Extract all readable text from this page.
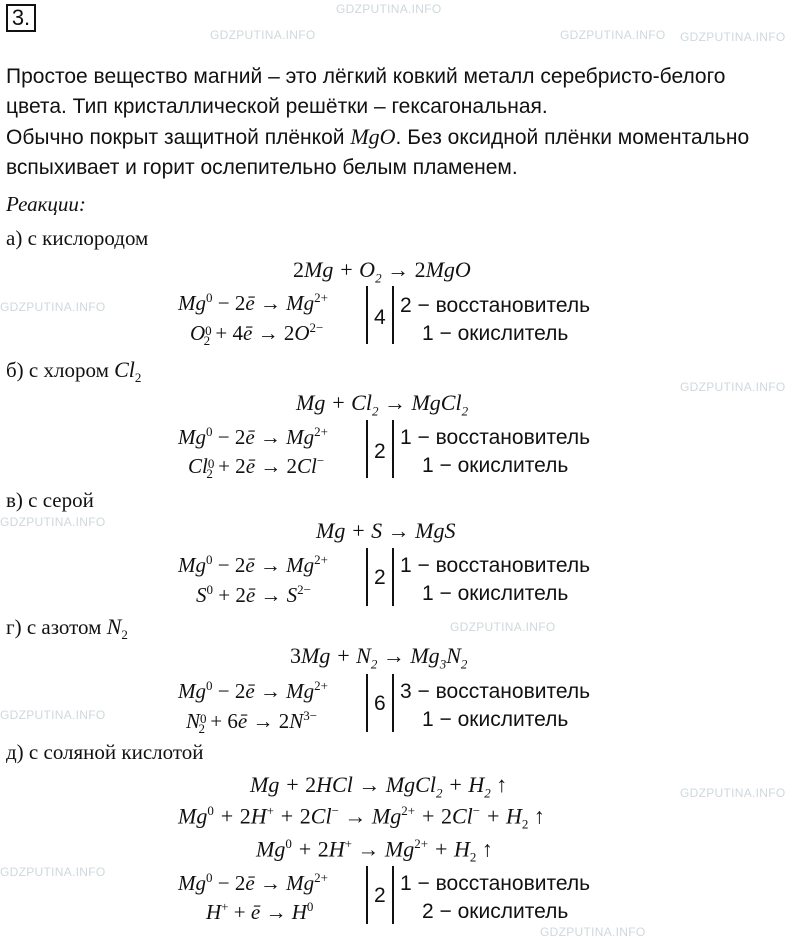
GDZPUTINA.INFO
GDZPUTINA.INFO	GDZPUTINA.INFO GDZPUTINA.INFO
GDZPUTINA.INFO
GDZPUTINA.INFO
GDZPUTINA.INFO
GDZPUTINA.INFO
GDZPUTINA.INFO
GDZPUTINA.INFO
GDZPUTINA.INFO
GDZPUTINA.INFO
3.
Простое вещество магний – это лёгкий ковкий металл серебристо-белого
цвета. Тип кристаллической решётки – гексагональная.
Обычно покрыт защитной плёнкой MgO. Без оксидной плёнки моментально
вспыхивает и горит ослепительно белым пламенем.
Реакции:
а) с кислородом
$2Mg + O_2 \to 2MgO$
$Mg^0$ − 2ē → $Mg^{2+}$
$O_{02}$ + 4ē → $2O^{2-}$ 4
2 − восстановитель
1 − окислитель
б) с хлором $Cl_2$
$Mg + Cl_2$ → MgCl$_2$
$Mg^0$ − 2ē → $Mg^{2+}$
$Cl_{02}$ + 2ē → 2Cl− 2
1 − восстановитель
1 − окислитель
в) с серой
Mg + S → MgS
$Mg^0$ − 2ē → $Mg^{2+}$
$S^0$ + 2ē → $S^{2-}$
2
1 − восстановитель
1 − окислитель
г) с азотом $N_2$
$3Mg + N_2 \to Mg_3N_2$
$Mg^0$ − 2ē → $Mg^{2+}$
$N_{02}$ + 6ē → $2N^{3-}$
6
3 − восстановитель
1 − окислитель
д) с соляной кислотой
Mg + 2HCl → MgCl$_2$ + $H_2$ ↑
$Mg^0 + 2H^+ + 2Cl^- \to Mg^{2+} + 2Cl^- + H_2$ ↑
$Mg^0 + 2H^+ \to Mg^{2+} + H_2$ ↑
$Mg^0$ − 2ē → $Mg^{2+}$
H+ + ē → $H^0$	2
1 − восстановитель
2 − окислитель
